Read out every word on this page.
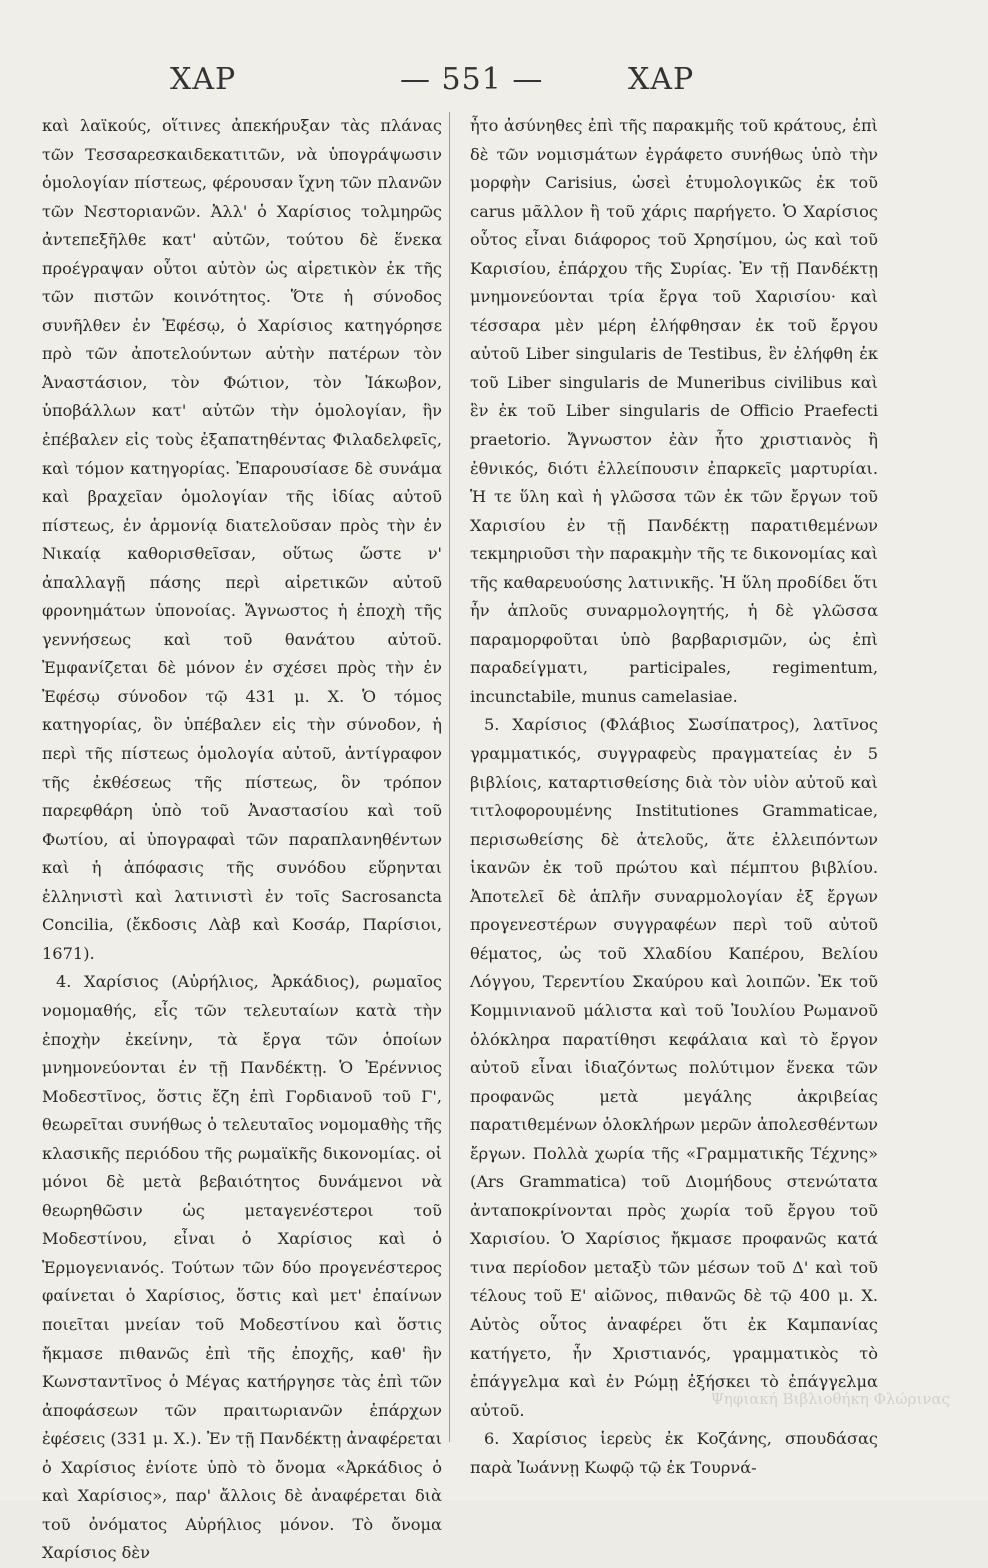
ΧΑΡ	— 551 —	ΧΑΡ

καὶ λαϊκούς, οἵτινες ἀπεκήρυξαν τὰς πλάνας τῶν Τεσσαρεσκαιδεκατιτῶν, νὰ ὑπογράψωσιν ὁμολογίαν πίστεως, φέρουσαν ἴχνη τῶν πλανῶν τῶν Νεστοριανῶν. Ἀλλ' ὁ Χαρίσιος τολμηρῶς ἀντεπεξῆλθε κατ' αὐτῶν, τούτου δὲ ἕνεκα προέγραψαν οὗτοι αὐτὸν ὡς αἱρετικὸν ἐκ τῆς τῶν πιστῶν κοινότητος. Ὅτε ἡ σύνοδος συνῆλθεν ἐν Ἐφέσῳ, ὁ Χαρίσιος κατηγόρησε πρὸ τῶν ἀποτελούντων αὐτὴν πατέρων τὸν Ἀναστάσιον, τὸν Φώτιον, τὸν Ἰάκωβον, ὑποβάλλων κατ' αὐτῶν τὴν ὁμολογίαν, ἣν ἐπέβαλεν εἰς τοὺς ἐξαπατηθέντας Φιλαδελφεῖς, καὶ τόμον κατηγορίας. Ἐπαρουσίασε δὲ συνάμα καὶ βραχεῖαν ὁμολογίαν τῆς ἰδίας αὐτοῦ πίστεως, ἐν ἁρμονίᾳ διατελοῦσαν πρὸς τὴν ἐν Νικαίᾳ καθορισθεῖσαν, οὕτως ὥστε ν' ἀπαλλαγῇ πάσης περὶ αἱρετικῶν αὐτοῦ φρονημάτων ὑπονοίας. Ἄγνωστος ἡ ἐποχὴ τῆς γεννήσεως καὶ τοῦ θανάτου αὐτοῦ. Ἐμφανίζεται δὲ μόνον ἐν σχέσει πρὸς τὴν ἐν Ἐφέσῳ σύνοδον τῷ 431 μ. Χ. Ὁ τόμος κατηγορίας, ὃν ὑπέβαλεν εἰς τὴν σύνοδον, ἡ περὶ τῆς πίστεως ὁμολογία αὐτοῦ, ἀντίγραφον τῆς ἐκθέσεως τῆς πίστεως, ὃν τρόπον παρεφθάρη ὑπὸ τοῦ Ἀναστασίου καὶ τοῦ Φωτίου, αἱ ὑπογραφαὶ τῶν παραπλανηθέντων καὶ ἡ ἀπόφασις τῆς συνόδου εὕρηνται ἑλληνιστὶ καὶ λατινιστὶ ἐν τοῖς Sacrosancta Concilia, (ἔκδοσις Λὰβ καὶ Κοσάρ, Παρίσιοι, 1671).

4. Χαρίσιος (Αὐρήλιος, Ἀρκάδιος), ρωμαῖος νομομαθής, εἷς τῶν τελευταίων κατὰ τὴν ἐποχὴν ἐκείνην, τὰ ἔργα τῶν ὁποίων μνημονεύονται ἐν τῇ Πανδέκτῃ. Ὁ Ἐρέννιος Μοδεστῖνος, ὅστις ἔζη ἐπὶ Γορδιανοῦ τοῦ Γ', θεωρεῖται συνήθως ὁ τελευταῖος νομομαθὴς τῆς κλασικῆς περιόδου τῆς ρωμαϊκῆς δικονομίας. οἱ μόνοι δὲ μετὰ βεβαιότητος δυνάμενοι νὰ θεωρηθῶσιν ὡς μεταγενέστεροι τοῦ Μοδεστίνου, εἶναι ὁ Χαρίσιος καὶ ὁ Ἑρμογενιανός. Τούτων τῶν δύο προγενέστερος φαίνεται ὁ Χαρίσιος, ὅστις καὶ μετ' ἐπαίνων ποιεῖται μνείαν τοῦ Μοδεστίνου καὶ ὅστις ἤκμασε πιθανῶς ἐπὶ τῆς ἐποχῆς, καθ' ἣν Κωνσταντῖνος ὁ Μέγας κατήργησε τὰς ἐπὶ τῶν ἀποφάσεων τῶν πραιτωριανῶν ἐπάρχων ἐφέσεις (331 μ. Χ.). Ἐν τῇ Πανδέκτῃ ἀναφέρεται ὁ Χαρίσιος ἐνίοτε ὑπὸ τὸ ὄνομα «Ἀρκάδιος ὁ καὶ Χαρίσιος», παρ' ἄλλοις δὲ ἀναφέρεται διὰ τοῦ ὀνόματος Αὐρήλιος μόνον. Τὸ ὄνομα Χαρίσιος δὲν

ἦτο ἀσύνηθες ἐπὶ τῆς παρακμῆς τοῦ κράτους, ἐπὶ δὲ τῶν νομισμάτων ἐγράφετο συνήθως ὑπὸ τὴν μορφὴν Carisius, ὡσεὶ ἐτυμολογικῶς ἐκ τοῦ carus μᾶλλον ἢ τοῦ χάρις παρήγετο. Ὁ Χαρίσιος οὗτος εἶναι διάφορος τοῦ Χρησίμου, ὡς καὶ τοῦ Καρισίου, ἐπάρχου τῆς Συρίας. Ἐν τῇ Πανδέκτῃ μνημονεύονται τρία ἔργα τοῦ Χαρισίου· καὶ τέσσαρα μὲν μέρη ἐλήφθησαν ἐκ τοῦ ἔργου αὐτοῦ Liber singularis de Testibus, ἓν ἐλήφθη ἐκ τοῦ Liber singularis de Muneribus civilibus καὶ ἓν ἐκ τοῦ Liber singularis de Officio Praefecti praetorio. Ἄγνωστον ἐὰν ἦτο χριστιανὸς ἢ ἐθνικός, διότι ἐλλείπουσιν ἐπαρκεῖς μαρτυρίαι. Ἡ τε ὕλη καὶ ἡ γλῶσσα τῶν ἐκ τῶν ἔργων τοῦ Χαρισίου ἐν τῇ Πανδέκτῃ παρατιθεμένων τεκμηριοῦσι τὴν παρακμὴν τῆς τε δικονομίας καὶ τῆς καθαρευούσης λατινικῆς. Ἡ ὕλη προδίδει ὅτι ἦν ἁπλοῦς συναρμολογητής, ἡ δὲ γλῶσσα παραμορφοῦται ὑπὸ βαρβαρισμῶν, ὡς ἐπὶ παραδείγματι, participales, regimentum, incunctabile, munus camelasiae.

5. Χαρίσιος (Φλάβιος Σωσίπατρος), λατῖνος γραμματικός, συγγραφεὺς πραγματείας ἐν 5 βιβλίοις, καταρτισθείσης διὰ τὸν υἱὸν αὐτοῦ καὶ τιτλοφορουμένης Institutiones Grammaticae, περισωθείσης δὲ ἀτελοῦς, ἅτε ἐλλειπόντων ἱκανῶν ἐκ τοῦ πρώτου καὶ πέμπτου βιβλίου. Ἀποτελεῖ δὲ ἁπλῆν συναρμολογίαν ἐξ ἔργων προγενεστέρων συγγραφέων περὶ τοῦ αὐτοῦ θέματος, ὡς τοῦ Χλαδίου Καπέρου, Βελίου Λόγγου, Τερεντίου Σκαύρου καὶ λοιπῶν. Ἐκ τοῦ Κομμινιανοῦ μάλιστα καὶ τοῦ Ἰουλίου Ρωμανοῦ ὁλόκληρα παρατίθησι κεφάλαια καὶ τὸ ἔργον αὐτοῦ εἶναι ἰδιαζόντως πολύτιμον ἕνεκα τῶν προφανῶς μετὰ μεγάλης ἀκριβείας παρατιθεμένων ὁλοκλήρων μερῶν ἀπολεσθέντων ἔργων. Πολλὰ χωρία τῆς «Γραμματικῆς Τέχνης» (Ars Grammatica) τοῦ Διομήδους στενώτατα ἀνταποκρίνονται πρὸς χωρία τοῦ ἔργου τοῦ Χαρισίου. Ὁ Χαρίσιος ἤκμασε προφανῶς κατά τινα περίοδον μεταξὺ τῶν μέσων τοῦ Δ' καὶ τοῦ τέλους τοῦ Ε' αἰῶνος, πιθανῶς δὲ τῷ 400 μ. Χ. Αὐτὸς οὗτος ἀναφέρει ὅτι ἐκ Καμπανίας κατήγετο, ἦν Χριστιανός, γραμματικὸς τὸ ἐπάγγελμα καὶ ἐν Ρώμῃ ἐξήσκει τὸ ἐπάγγελμα αὐτοῦ.

6. Χαρίσιος ἱερεὺς ἐκ Κοζάνης, σπουδάσας παρὰ Ἰωάννῃ Κωφῷ τῷ ἐκ Τουρνά-

Ψηφιακή Βιβλιοθήκη Φλώρινας
